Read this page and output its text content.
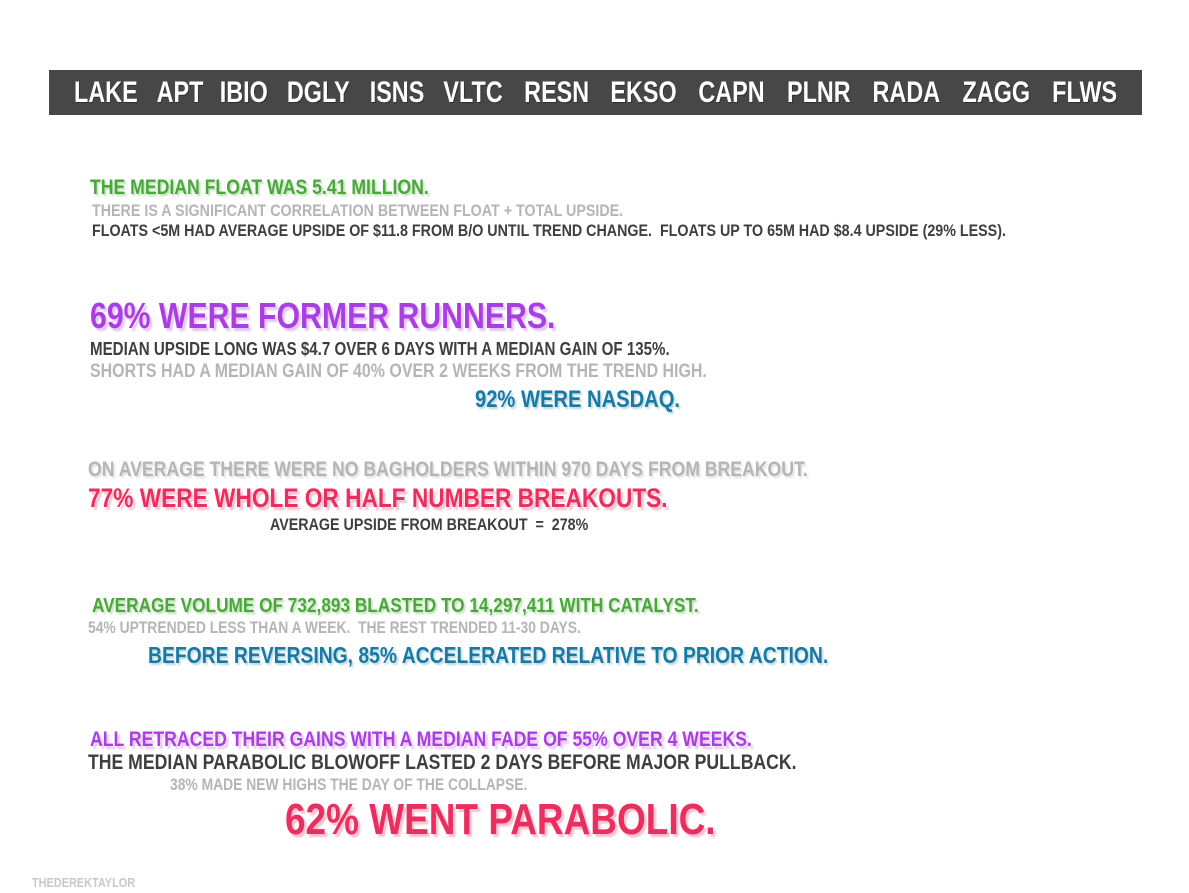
LAKE APT IBIO DGLY ISNS VLTC RESN EKSO CAPN PLNR RADA ZAGG FLWS
THE MEDIAN FLOAT WAS 5.41 MILLION.
THERE IS A SIGNIFICANT CORRELATION BETWEEN FLOAT + TOTAL UPSIDE.
FLOATS <5M HAD AVERAGE UPSIDE OF $11.8 FROM B/O UNTIL TREND CHANGE.  FLOATS UP TO 65M HAD $8.4 UPSIDE (29% LESS).
69% WERE FORMER RUNNERS.
MEDIAN UPSIDE LONG WAS $4.7 OVER 6 DAYS WITH A MEDIAN GAIN OF 135%.
SHORTS HAD A MEDIAN GAIN OF 40% OVER 2 WEEKS FROM THE TREND HIGH.
92% WERE NASDAQ.
ON AVERAGE THERE WERE NO BAGHOLDERS WITHIN 970 DAYS FROM BREAKOUT.
77% WERE WHOLE OR HALF NUMBER BREAKOUTS.
AVERAGE UPSIDE FROM BREAKOUT  =  278%
AVERAGE VOLUME OF 732,893 BLASTED TO 14,297,411 WITH CATALYST.
54% UPTRENDED LESS THAN A WEEK.  THE REST TRENDED 11-30 DAYS.
BEFORE REVERSING, 85% ACCELERATED RELATIVE TO PRIOR ACTION.
ALL RETRACED THEIR GAINS WITH A MEDIAN FADE OF 55% OVER 4 WEEKS.
THE MEDIAN PARABOLIC BLOWOFF LASTED 2 DAYS BEFORE MAJOR PULLBACK.
38% MADE NEW HIGHS THE DAY OF THE COLLAPSE.
62% WENT PARABOLIC.
THEDEREKTAYLOR
